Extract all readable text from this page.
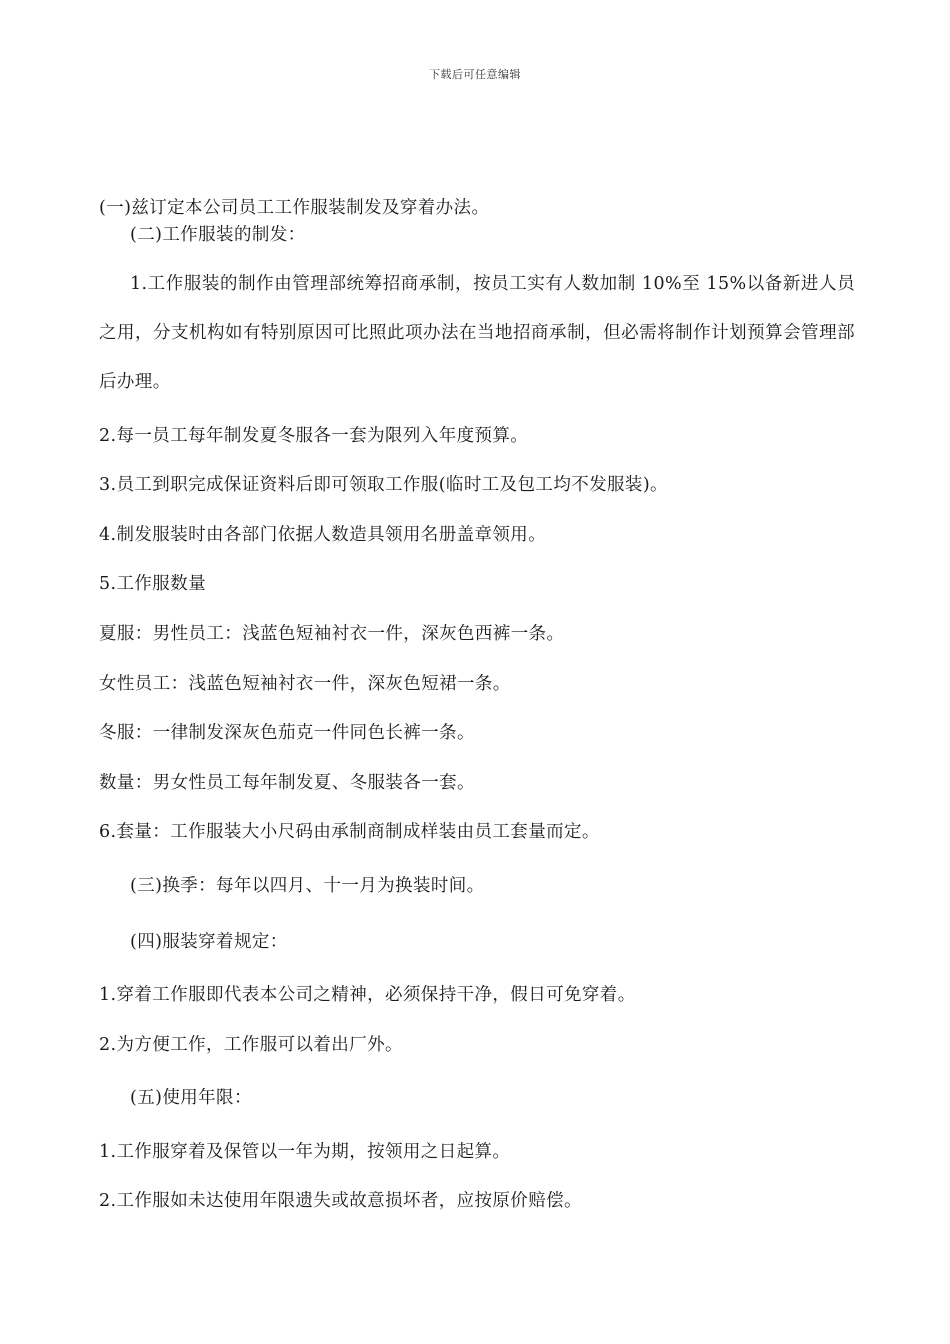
下载后可任意编辑
(一)兹订定本公司员工工作服装制发及穿着办法。
(二)工作服装的制发：
1.工作服装的制作由管理部统筹招商承制，按员工实有人数加制 10%至 15%以备新进人员之用，分支机构如有特别原因可比照此项办法在当地招商承制，但必需将制作计划预算会管理部后办理。
2.每一员工每年制发夏冬服各一套为限列入年度预算。
3.员工到职完成保证资料后即可领取工作服(临时工及包工均不发服装)。
4.制发服装时由各部门依据人数造具领用名册盖章领用。
5.工作服数量
夏服：男性员工：浅蓝色短袖衬衣一件，深灰色西裤一条。
女性员工：浅蓝色短袖衬衣一件，深灰色短裙一条。
冬服：一律制发深灰色茄克一件同色长裤一条。
数量：男女性员工每年制发夏、冬服装各一套。
6.套量：工作服装大小尺码由承制商制成样装由员工套量而定。
(三)换季：每年以四月、十一月为换装时间。
(四)服装穿着规定：
1.穿着工作服即代表本公司之精神，必须保持干净，假日可免穿着。
2.为方便工作，工作服可以着出厂外。
(五)使用年限：
1.工作服穿着及保管以一年为期，按领用之日起算。
2.工作服如未达使用年限遗失或故意损坏者，应按原价赔偿。
